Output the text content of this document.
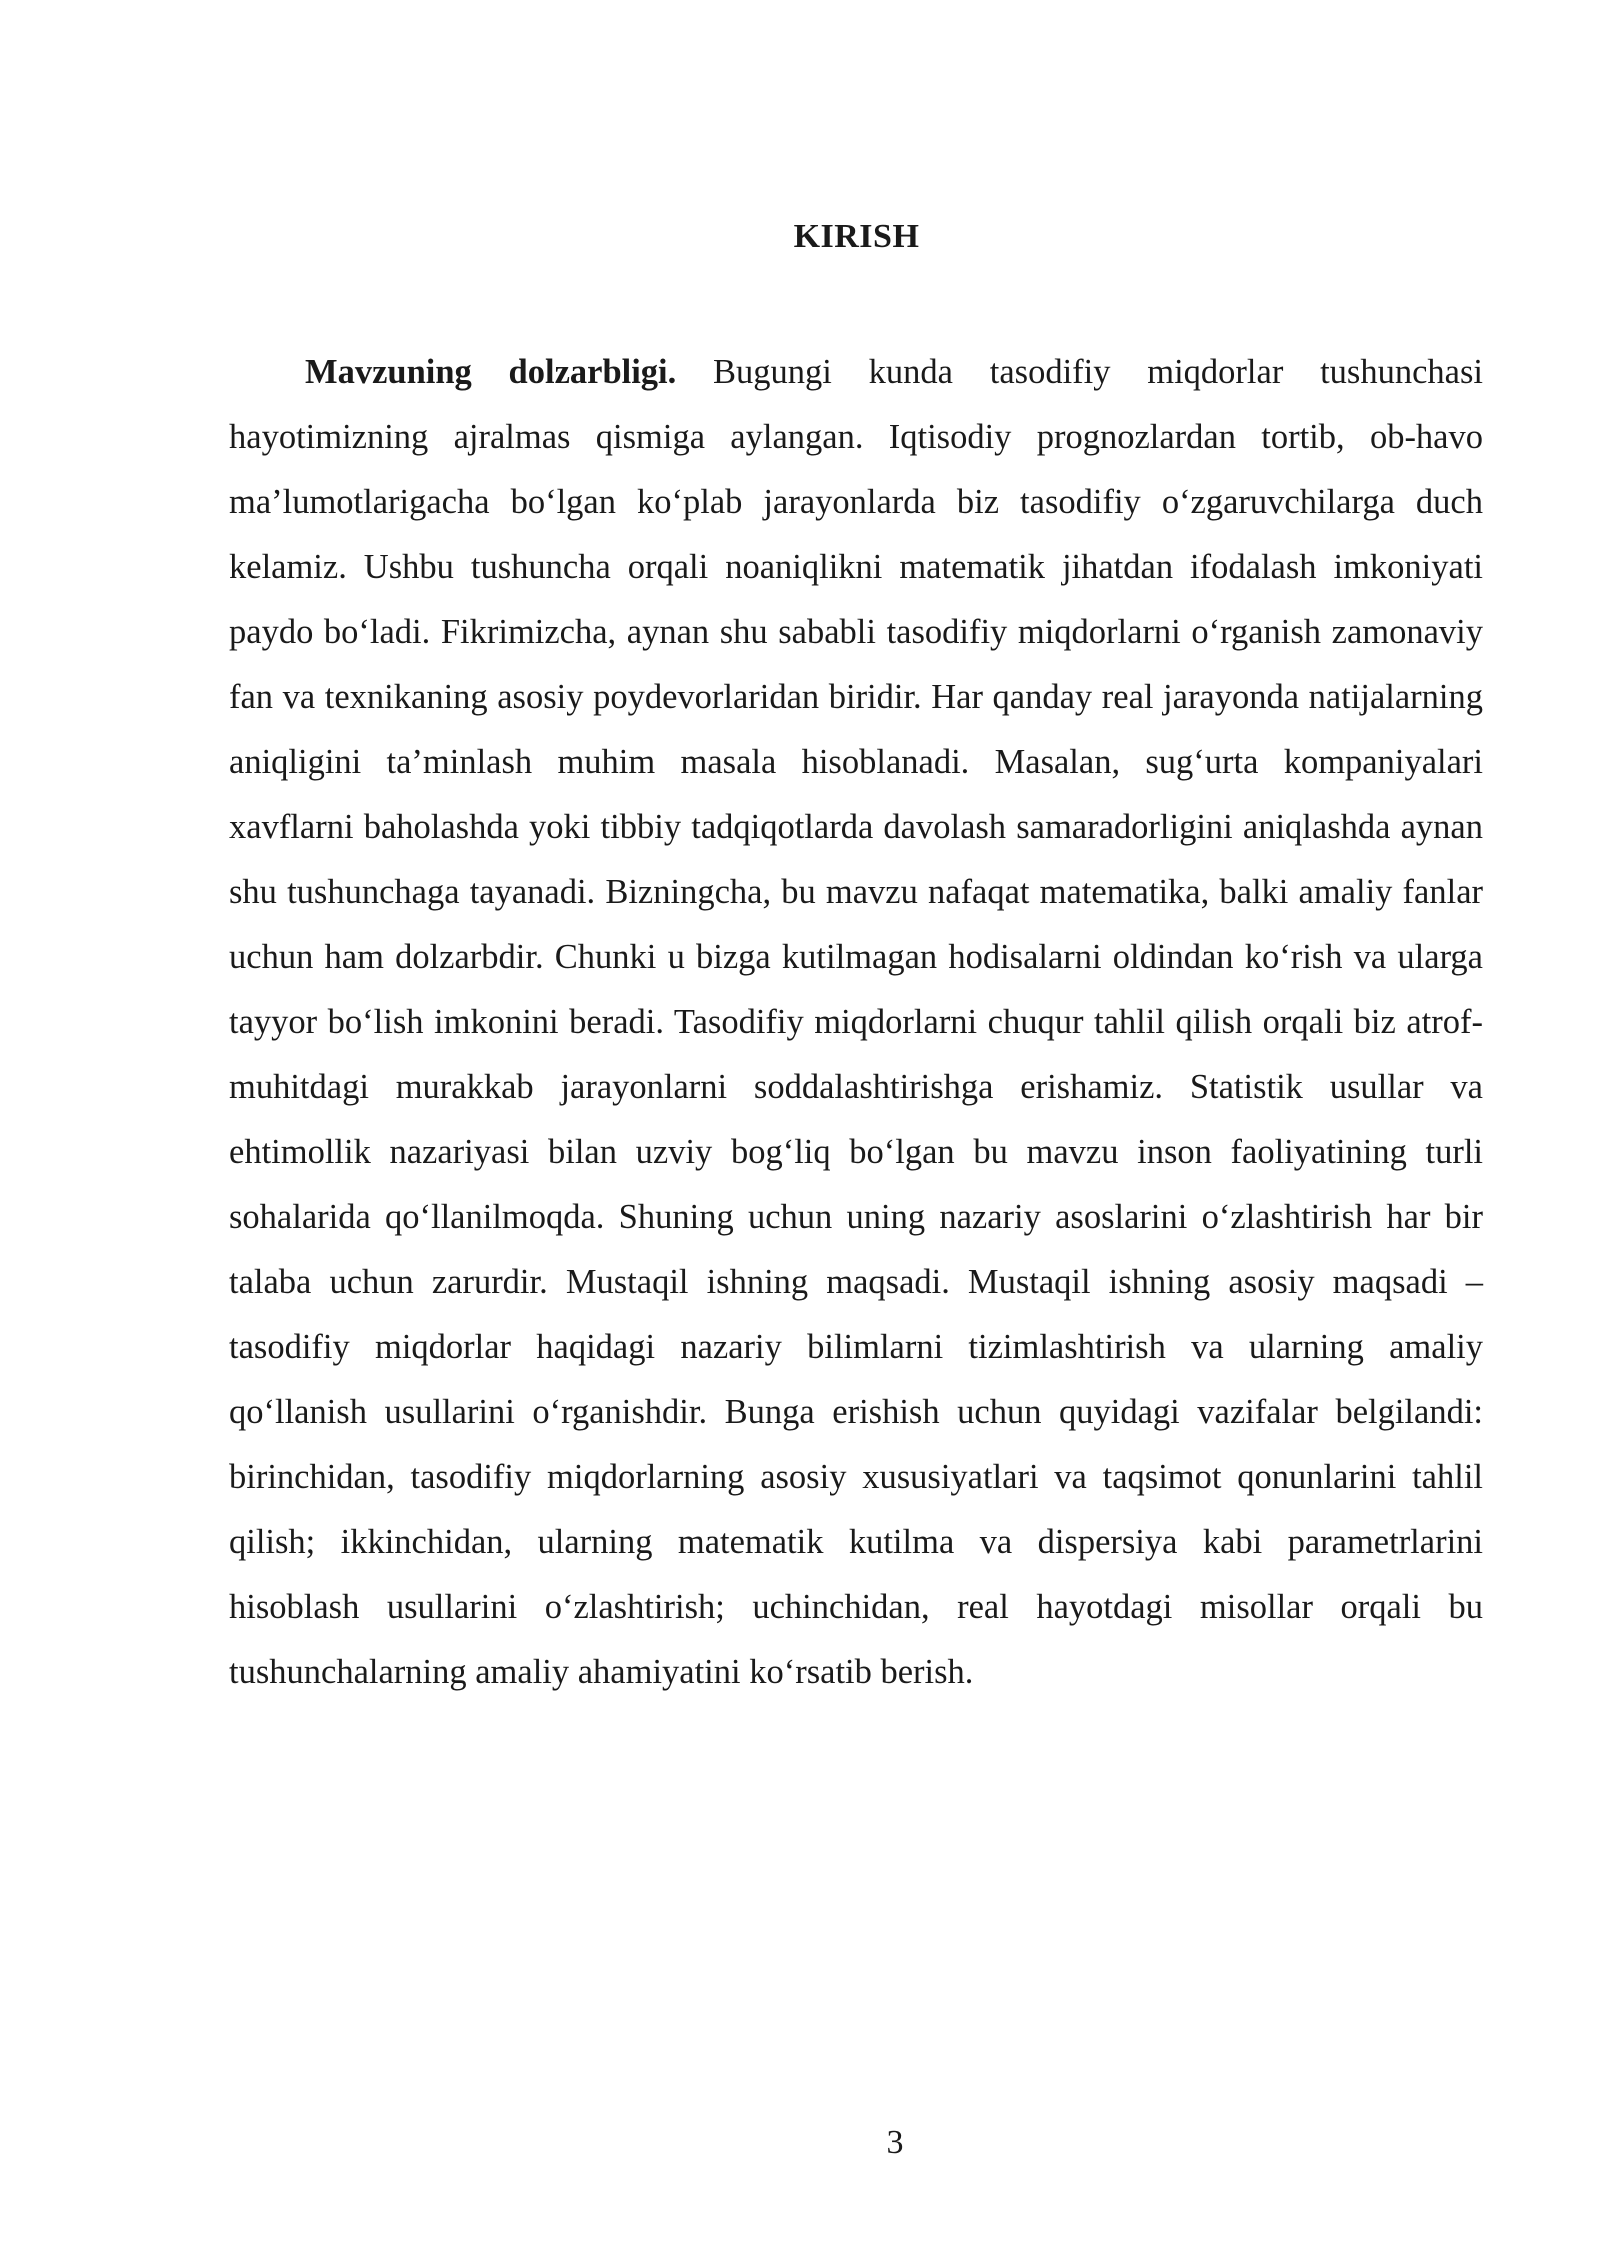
KIRISH

Mavzuning dolzarbligi. Bugungi kunda tasodifiy miqdorlar tushunchasi hayotimizning ajralmas qismiga aylangan. Iqtisodiy prognozlardan tortib, ob-havo ma’lumotlarigacha bo‘lgan ko‘plab jarayonlarda biz tasodifiy o‘zgaruvchilarga duch kelamiz. Ushbu tushuncha orqali noaniqlikni matematik jihatdan ifodalash imkoniyati paydo bo‘ladi. Fikrimizcha, aynan shu sababli tasodifiy miqdorlarni o‘rganish zamonaviy fan va texnikaning asosiy poydevorlaridan biridir. Har qanday real jarayonda natijalarning aniqligini ta’minlash muhim masala hisoblanadi. Masalan, sug‘urta kompaniyalari xavflarni baholashda yoki tibbiy tadqiqotlarda davolash samaradorligini aniqlashda aynan shu tushunchaga tayanadi. Bizningcha, bu mavzu nafaqat matematika, balki amaliy fanlar uchun ham dolzarbdir. Chunki u bizga kutilmagan hodisalarni oldindan ko‘rish va ularga tayyor bo‘lish imkonini beradi. Tasodifiy miqdorlarni chuqur tahlil qilish orqali biz atrof-muhitdagi murakkab jarayonlarni soddalashtirishga erishamiz. Statistik usullar va ehtimollik nazariyasi bilan uzviy bog‘liq bo‘lgan bu mavzu inson faoliyatining turli sohalarida qo‘llanilmoqda. Shuning uchun uning nazariy asoslarini o‘zlashtirish har bir talaba uchun zarurdir. Mustaqil ishning maqsadi. Mustaqil ishning asosiy maqsadi – tasodifiy miqdorlar haqidagi nazariy bilimlarni tizimlashtirish va ularning amaliy qo‘llanish usullarini o‘rganishdir. Bunga erishish uchun quyidagi vazifalar belgilandi: birinchidan, tasodifiy miqdorlarning asosiy xususiyatlari va taqsimot qonunlarini tahlil qilish; ikkinchidan, ularning matematik kutilma va dispersiya kabi parametrlarini hisoblash usullarini o‘zlashtirish; uchinchidan, real hayotdagi misollar orqali bu tushunchalarning amaliy ahamiyatini ko‘rsatib berish.

3
